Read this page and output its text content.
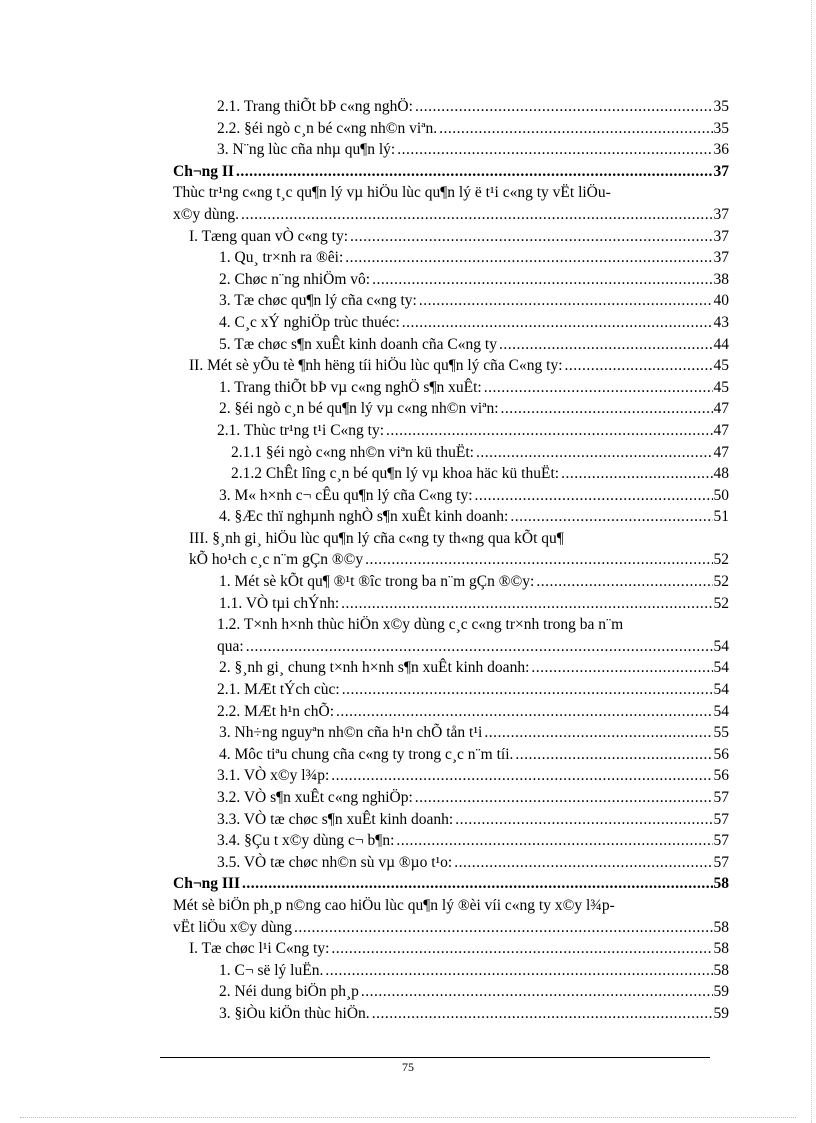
2.1. Trang thiÕt bÞ c«ng nghÖ: .....	35
2.2. §éi ngò c¸n bé c«ng nh©n viªn. .....	35
3. N¨ng lùc cña nhµ qu¶n lý: .....	36
Ch¬ng II .....	37
Thùc tr¹ng c«ng t¸c qu¶n lý vµ hiÖu lùc qu¶n lý ë t¹i c«ng ty vËt liÖu-
x©y dùng. .....	37
I. Tæng quan vÒ c«ng ty: .....	37
1. Qu¸ tr×nh ra ®êi: .....	37
2. Chøc n¨ng nhiÖm vô: .....	38
3. Tæ chøc qu¶n lý cña c«ng ty: .....	40
4. C¸c xÝ nghiÖp trùc thuéc: .....	43
5. Tæ chøc s¶n xuÊt kinh doanh cña C«ng ty .....	44
II. Mét sè yÕu tè ¶nh hëng tíi hiÖu lùc qu¶n lý cña C«ng ty: .....	45
1. Trang thiÕt bÞ vµ c«ng nghÖ s¶n xuÊt: .....	45
2. §éi ngò c¸n bé qu¶n lý vµ c«ng nh©n viªn: .....	47
2.1. Thùc tr¹ng t¹i C«ng ty: .....	47
2.1.1 §éi ngò c«ng nh©n viªn kü thuËt: .....	47
2.1.2 ChÊt lîng c¸n bé qu¶n lý vµ khoa häc kü thuËt: .....	48
3. M« h×nh c¬ cÊu qu¶n lý cña C«ng ty: .....	50
4. §Æc thï nghµnh nghÒ s¶n xuÊt kinh doanh: .....	51
III. §¸nh gi¸ hiÖu lùc qu¶n lý cña c«ng ty th«ng qua kÕt qu¶
kÕ ho¹ch c¸c n¨m gÇn ®©y .....	52
1. Mét sè kÕt qu¶ ®¹t ®îc trong ba n¨m gÇn ®©y: .....	52
1.1. VÒ tµi chÝnh: .....	52
1.2. T×nh h×nh thùc hiÖn x©y dùng c¸c c«ng tr×nh trong ba n¨m
qua: .....	54
2. §¸nh gi¸ chung t×nh h×nh s¶n xuÊt kinh doanh: .....	54
2.1. MÆt tÝch cùc: .....	54
2.2. MÆt h¹n chÕ: .....	54
3. Nh÷ng nguyªn nh©n cña h¹n chÕ tån t¹i .....	55
4. Môc tiªu chung cña c«ng ty trong c¸c n¨m tíi. .....	56
3.1. VÒ x©y l¾p: .....	56
3.2. VÒ s¶n xuÊt c«ng nghiÖp: .....	57
3.3. VÒ tæ chøc s¶n xuÊt kinh doanh: .....	57
3.4. §Çu t x©y dùng c¬ b¶n: .....	57
3.5. VÒ tæ chøc nh©n sù vµ ®µo t¹o: .....	57
Ch¬ng III .....	58
Mét sè biÖn ph¸p n©ng cao hiÖu lùc qu¶n lý ®èi víi c«ng ty x©y l¾p-
vËt liÖu x©y dùng .....	58
I. Tæ chøc l¹i C«ng ty: .....	58
1. C¬ së lý luËn. .....	58
2. Néi dung biÖn ph¸p .....	59
3. §iÒu kiÖn thùc hiÖn. .....	59
75
